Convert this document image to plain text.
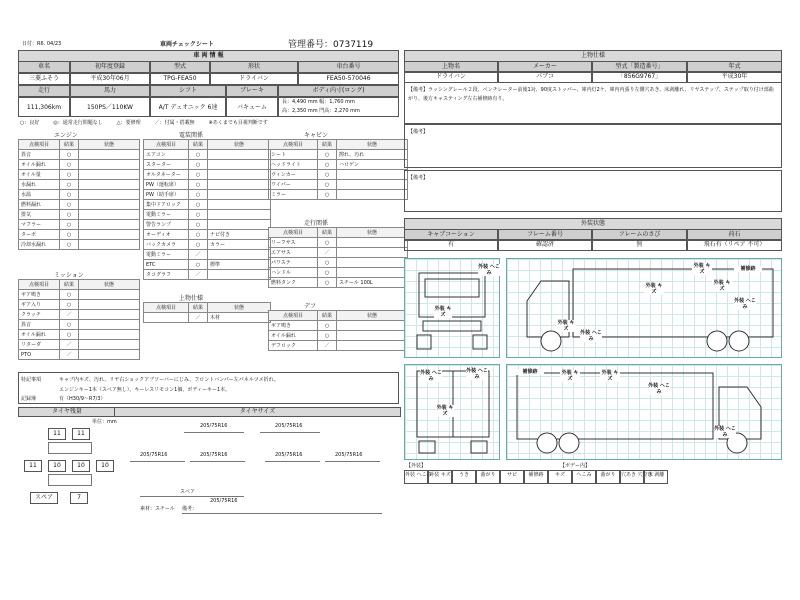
日付：R6. 04/23	車両チェックシート	管理番号：0737119
車 両 情 報
車名	初年度登録	型式	形状	車台番号
三菱ふそう	平成30年06月	TPG-FEA50	ドライバン	FEA50-570046
走行	馬力	シフト	ブレーキ	ボディ内寸(ロング)
111,306km	150PS／110KW	A/T デュオニック 6速	バキューム
長：4,490 mm 幅：1,760 mm
高：2,350 mm 門高：2,270 mm
○：良好	◎：通常走行問題なし	△：要修理	／：付属・搭載無	※あくまでも目視判断です
エンジン
点検項目	結果	状態
異音	○	
オイル漏れ	○	
オイル量	○	
水漏れ	○	
水温	○	
燃料漏れ	○	
排気	○	
マフラー	○	
ターボ	○	
冷却水漏れ	○	
電装関係
点検項目	結果	状態
エアコン	○	
スターター	○	
オルタネーター	○	
PW（運転席）	○	
PW（助手席）	○	
集中ドアロック	○	
電動ミラー	○	
警告ランプ	○	
オーディオ	○	ナビ付き
バックカメラ	○	カラー
電動ミラー	／	
ETC	○	標準
タコグラフ	／	
キャビン
点検項目	結果	状態
シート	○	擦れ、汚れ
ヘッドライト	○	ハロゲン
ウィンカー	○	
ワイパー	○	
ミラー	○	
走行関係
点検項目	結果	状態
リーフサス	○	
エアサス	／	
パワステ	○	
ハンドル	○	
燃料タンク	○	スチール 100L
ミッション
点検項目	結果	状態
ギア鳴き	○	
ギア入り	○	
クラッチ	／	
異音	○	
オイル漏れ	○	
リターダ	／	
PTO	／	
上物仕様
点検項目	結果	状態
	／	木材
デフ
点検項目	結果	状態
ギア鳴き	○	
オイル漏れ	○	
デフロック	／	
特記事項	キャブ内キズ、汚れ、リヤ右ショックアブソーバーにじみ、フロントバンパー左パネルツメ折れ。
エンジンキー1本（スペア無し）、キーレスリモコン1個、ボディーキー1本。
記録簿	有（H30/9〜R7/3）
タイヤ残量
単位：mm
11	11
11	10	10	10
スペア	7
タイヤサイズ
205/75R16	205/75R16
205/75R16	205/75R16	205/75R16	205/75R16
スペア
205/75R16
素材：スチール 備考：
上物仕様
上物名	メーカー	型式「製造番号」	年式
ドライバン	パブコ	「856G9767」	平成30年
【備考】ラッシングレール２段、ベンチレーター前後1対、90度ストッパー、庫内灯2ケ、庫内内張り左側穴あき、床剥離れ、リヤステップ、ステップ取り付け部曲がり、後方キャスティング左右補修跡有り。
【備考】
【備考】
外装状態
キャブコーション	フレーム番号	フレームのさび	荷石
有	確認済	無	飛石有（リペア 不可）
外装 へこみ
外装 キズ
外装 キズ	補修跡
外装 キズ
外装 キズ
外装 へこみ
外装 キズ
外装 へこみ
外装 へこみ
外装 へこみ
補修跡	外装 キズ
外装 キズ
外装 へこみ
外装 キズ
外装 へこみ
【外装】	【ボデー内】
外装 へこみ外装 キズ うき 曲がり サビ 補修跡 キズ へこみ 曲がり 穴あき 穴空き床 剥離
